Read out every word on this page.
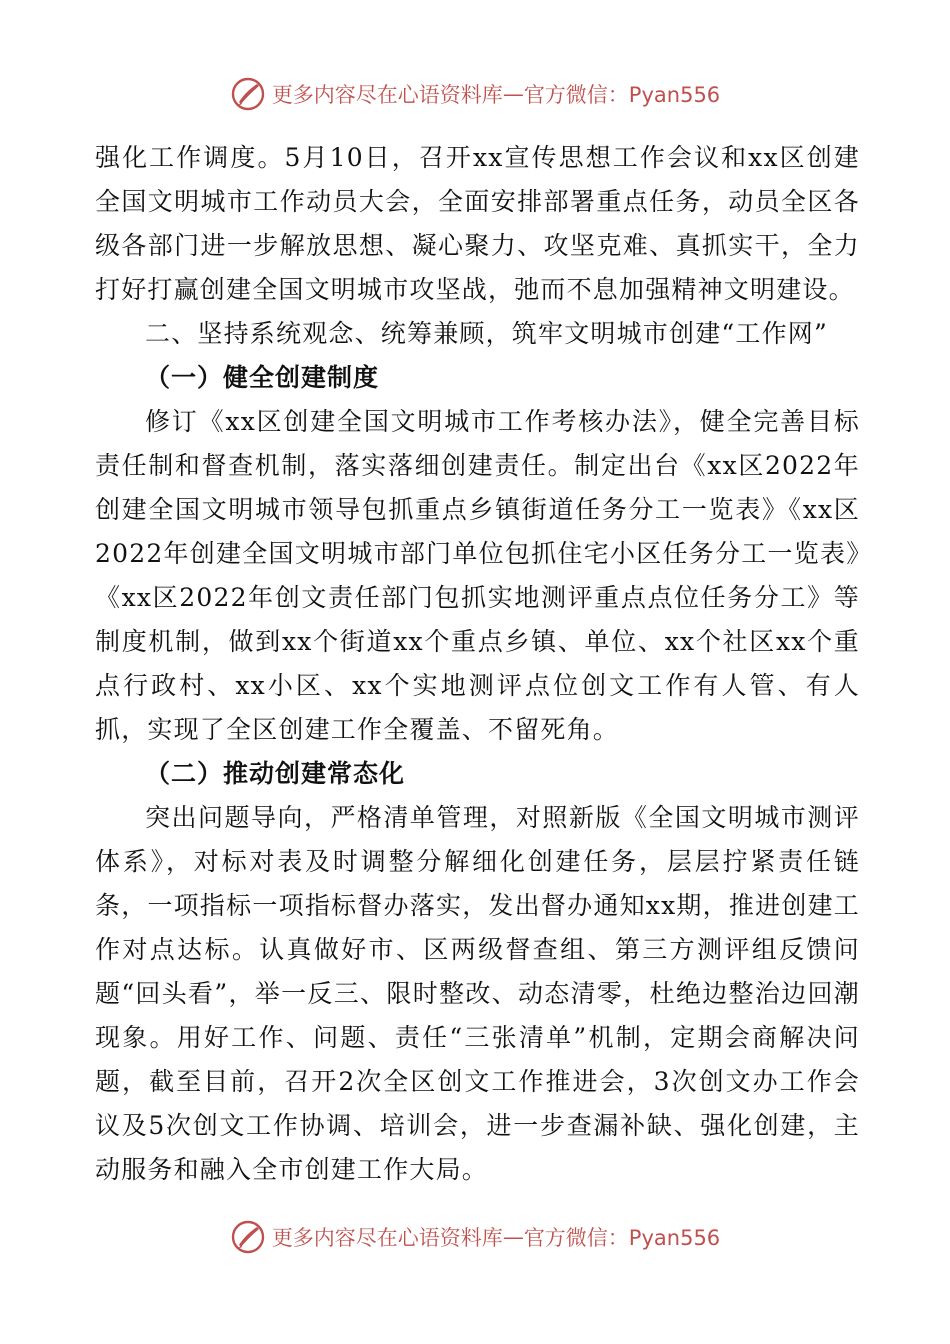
更多内容尽在心语资料库 — 官方微信：Pyan556

强化工作调度。5月10日，召开xx宣传思想工作会议和xx区创建全国文明城市工作动员大会，全面安排部署重点任务，动员全区各级各部门进一步解放思想、凝心聚力、攻坚克难、真抓实干，全力打好打赢创建全国文明城市攻坚战，弛而不息加强精神文明建设。

二、坚持系统观念、统筹兼顾，筑牢文明城市创建“工作网”

（一）健全创建制度

修订《xx区创建全国文明城市工作考核办法》，健全完善目标责任制和督查机制，落实落细创建责任。制定出台《xx区2022年创建全国文明城市领导包抓重点乡镇街道任务分工一览表》《xx区2022年创建全国文明城市部门单位包抓住宅小区任务分工一览表》《xx区2022年创文责任部门包抓实地测评重点点位任务分工》等制度机制，做到xx个街道xx个重点乡镇、单位、xx个社区xx个重点行政村、xx小区、xx个实地测评点位创文工作有人管、有人抓，实现了全区创建工作全覆盖、不留死角。

（二）推动创建常态化

突出问题导向，严格清单管理，对照新版《全国文明城市测评体系》，对标对表及时调整分解细化创建任务，层层拧紧责任链条，一项指标一项指标督办落实，发出督办通知xx期，推进创建工作对点达标。认真做好市、区两级督查组、第三方测评组反馈问题“回头看”，举一反三、限时整改、动态清零，杜绝边整治边回潮现象。用好工作、问题、责任“三张清单”机制，定期会商解决问题，截至目前，召开2次全区创文工作推进会，3次创文办工作会议及5次创文工作协调、培训会，进一步查漏补缺、强化创建，主动服务和融入全市创建工作大局。

更多内容尽在心语资料库 — 官方微信：Pyan556
